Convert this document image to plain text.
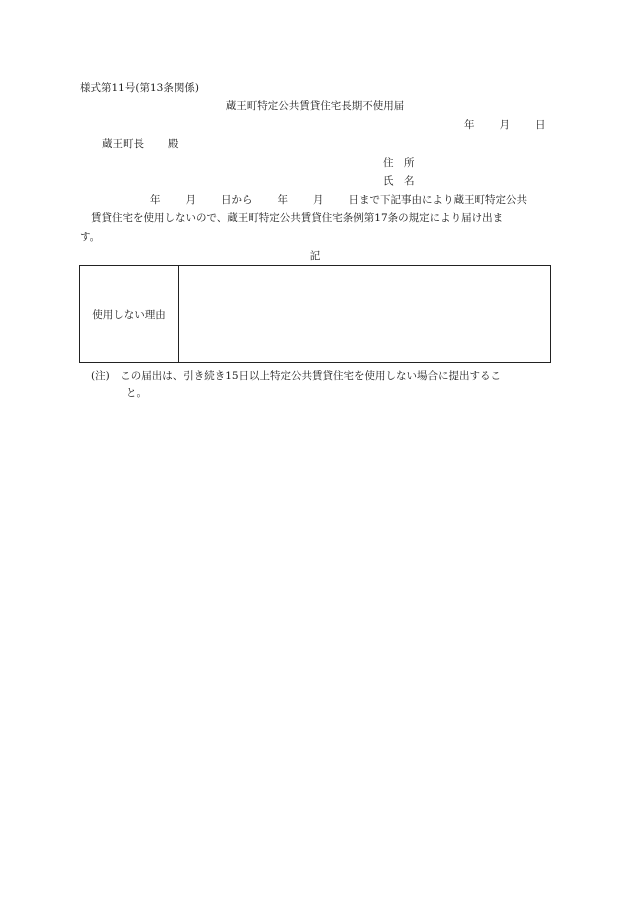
様式第11号(第13条関係)
蔵王町特定公共賃貸住宅長期不使用届
年 月 日
蔵王町長 殿
住　所
氏　名
年 月 日から 年 月 日まで下記事由により蔵王町特定公共
賃貸住宅を使用しないので、蔵王町特定公共賃貸住宅条例第17条の規定により届け出ま
す。
記
使用しない理由
(注)　この届出は、引き続き15日以上特定公共賃貸住宅を使用しない場合に提出するこ
と。
